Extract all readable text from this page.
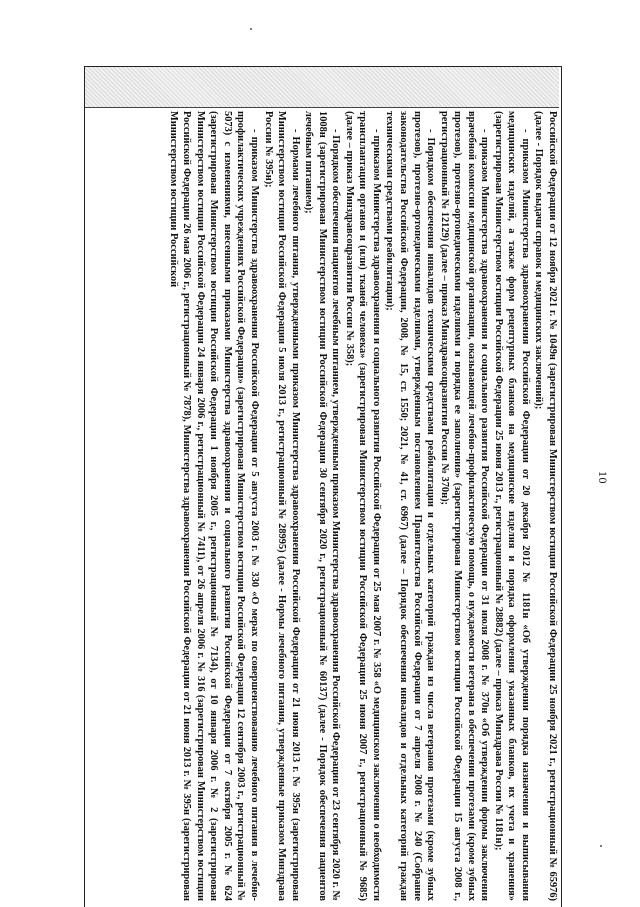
10

Российской Федерации от 12 ноября 2021 г. № 1049н (зарегистрирован Министерством юстиции Российской Федерации 25 ноября 2021 г., регистрационный № 65976) (далее - Порядок выдачи справок и медицинских заключений);

- приказом Министерства здравоохранения Российской Федерации от 20 декабря 2012 № 1181н «Об утверждении порядка назначения и выписывания медицинских изделий, а также форм рецептурных бланков на медицинские изделия и порядка оформления указанных бланков, их учета и хранения» (зарегистрирован Министерством юстиции Российской Федерации 25 июня 2013 г., регистрационный № 28882) (далее – приказ Минздрава России № 1181н);

- приказом Министерства здравоохранения и социального развития Российской Федерации от 31 июля 2008 г. № 370н «Об утверждении формы заключения врачебной комиссии медицинской организации, оказывающей лечебно-профилактическую помощь, о нуждаемости ветерана в обеспечении протезами (кроме зубных протезов), протезно-ортопедическими изделиями и порядка ее заполнения» (зарегистрирован Министерством юстиции Российской Федерации 15 августа 2008 г., регистрационный № 12129) (далее – приказ Минздравсоцразвития России № 370н);

- Порядком обеспечения инвалидов техническими средствами реабилитации и отдельных категорий граждан из числа ветеранов протезами (кроме зубных протезов), протезно-ортопедическими изделиями, утвержденным постановлением Правительства Российской Федерации от 7 апреля 2008 г. № 240 (Собрание законодательства Российской Федерации, 2008, № 15, ст. 1550; 2021, № 41, ст. 6967) (далее – Порядок обеспечения инвалидов и отдельных категорий граждан техническими средствами реабилитации);

- приказом Министерства здравоохранения и социального развития Российской Федерации от 25 мая 2007 г. № 358 «О медицинском заключении о необходимости трансплантации органов и (или) тканей человека» (зарегистрирован Министерством юстиции Российской Федерации 25 июня 2007 г., регистрационный № 9685) (далее – приказ Минздравсоцразвития России № 358);

- Порядком обеспечения пациентов лечебным питанием, утвержденным приказом Министерства здравоохранения Российской Федерации от 23 сентября 2020 г. № 1008н (зарегистрирован Министерством юстиции Российской Федерации 30 сентября 2020 г., регистрационный № 60137) (далее - Порядок обеспечения пациентов лечебным питанием);

- Нормами лечебного питания, утвержденными приказом Министерства здравоохранения Российской Федерации от 21 июня 2013 г. № 395н (зарегистрирован Министерством юстиции Российской Федерации 5 июля 2013 г., регистрационный № 28995) (далее - Нормы лечебного питания, утвержденные приказом Минздрава России № 395н);

- приказом Министерства здравоохранения Российской Федерации от 5 августа 2003 г. № 330 «О мерах по совершенствованию лечебного питания в лечебно-профилактических учреждениях Российской Федерации» (зарегистрирован Министерством юстиции Российской Федерации 12 сентября 2003 г., регистрационный № 5073) с изменениями, внесенными приказами Министерства здравоохранения и социального развития Российской Федерации от 7 октября 2005 г. № 624 (зарегистрирован Министерством юстиции Российской Федерации 1 ноября 2005 г., регистрационный № 7134), от 10 января 2006 г. № 2 (зарегистрирован Министерством юстиции Российской Федерации 24 января 2006 г., регистрационный № 7411), от 26 апреля 2006 г. № 316 (зарегистрирован Министерством юстиции Российской Федерации 26 мая 2006 г., регистрационный № 7878), Министерства здравоохранения Российской Федерации от 21 июня 2013 г. № 395н (зарегистрирован Министерством юстиции Российской
